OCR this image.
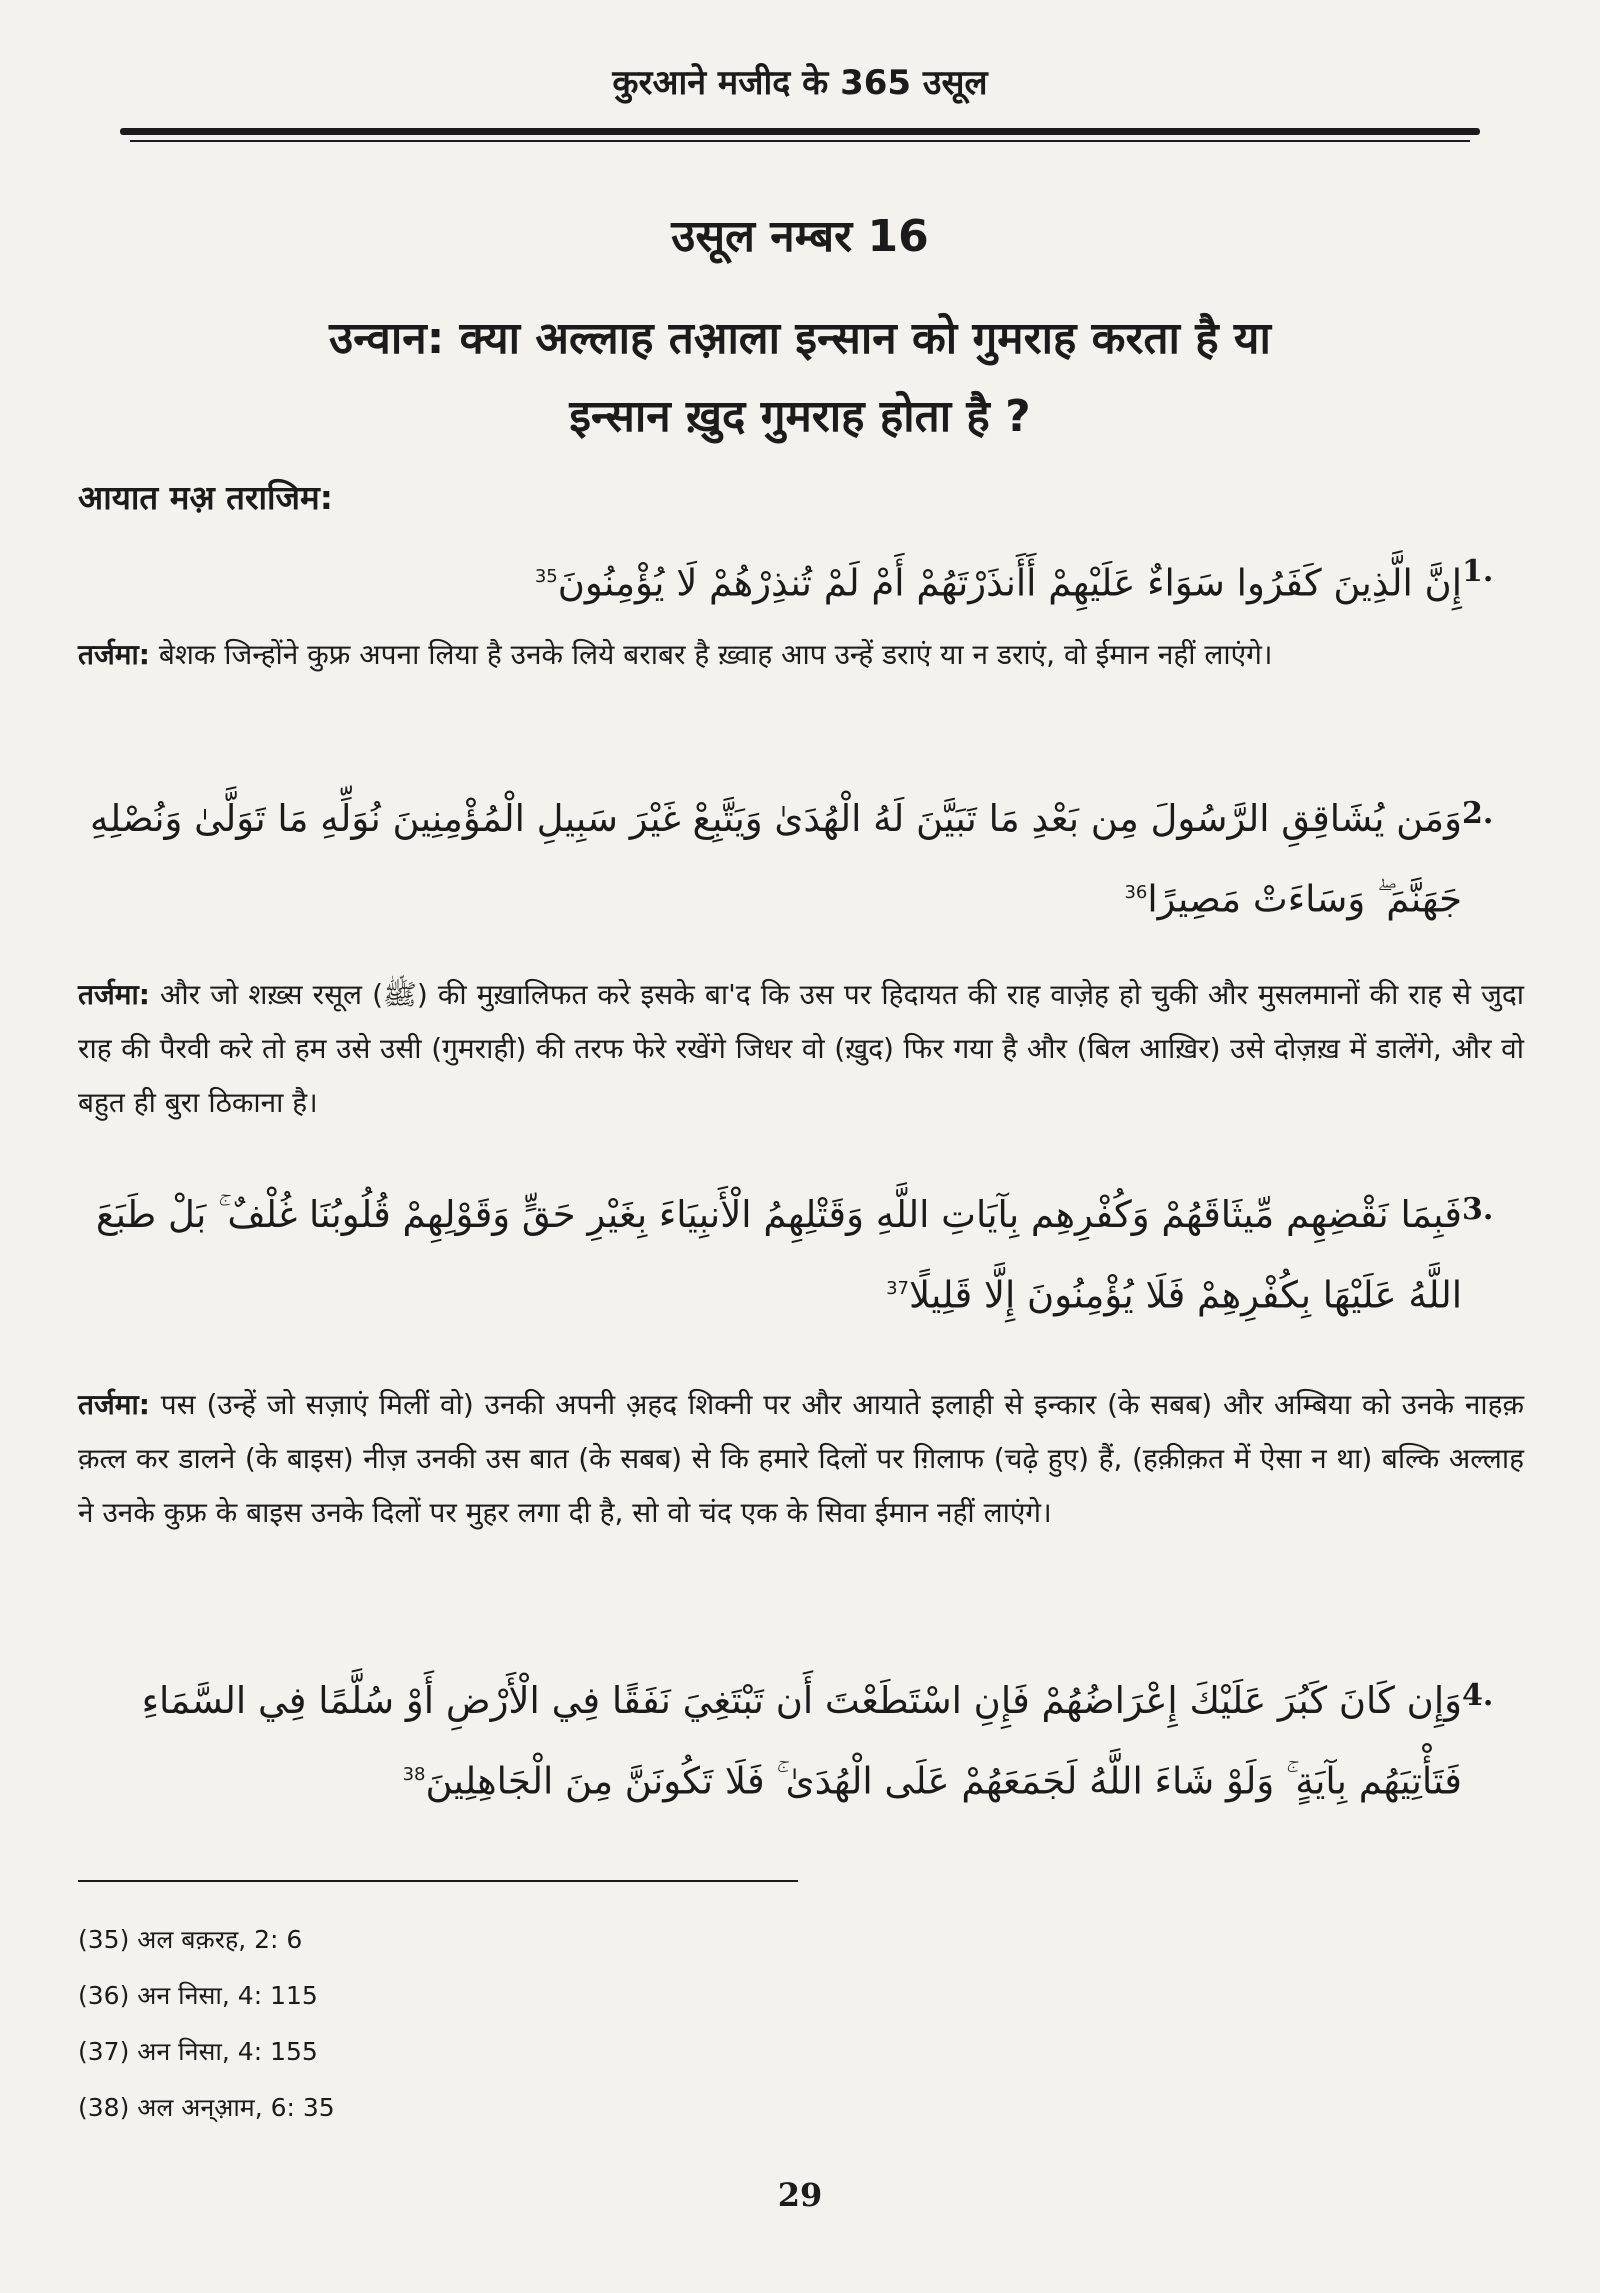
कुरआने मजीद के 365 उसूल
उसूल नम्बर 16
उन्वान: क्या अल्लाह तआ़ला इन्सान को गुमराह करता है या
इन्सान ख़ुद गुमराह होता है ?
आयात मअ़ तराजिम:
1.
إِنَّ الَّذِينَ كَفَرُوا سَوَاءٌ عَلَيْهِمْ أَأَنذَرْتَهُمْ أَمْ لَمْ تُنذِرْهُمْ لَا يُؤْمِنُونَ$^{35}$
तर्जमा: बेशक जिन्होंने कुफ्र अपना लिया है उनके लिये बराबर है ख़्वाह आप उन्हें डराएं या न डराएं, वो ईमान नहीं लाएंगे।
2.
وَمَن يُشَاقِقِ الرَّسُولَ مِن بَعْدِ مَا تَبَيَّنَ لَهُ الْهُدَىٰ وَيَتَّبِعْ غَيْرَ سَبِيلِ الْمُؤْمِنِينَ نُوَلِّهِ مَا تَوَلَّىٰ وَنُصْلِهِ جَهَنَّمَ ۖ وَسَاءَتْ مَصِيرًا$^{36}$
तर्जमा: और जो शख़्स रसूल (ﷺ) की मुख़ालिफत करे इसके बा'द कि उस पर हिदायत की राह वाज़ेह हो चुकी और मुसलमानों की राह से जुदा राह की पैरवी करे तो हम उसे उसी (गुमराही) की तरफ फेरे रखेंगे जिधर वो (ख़ुद) फिर गया है और (बिल आख़िर) उसे दोज़ख़ में डालेंगे, और वो बहुत ही बुरा ठिकाना है।
3.
فَبِمَا نَقْضِهِم مِّيثَاقَهُمْ وَكُفْرِهِم بِآيَاتِ اللَّهِ وَقَتْلِهِمُ الْأَنبِيَاءَ بِغَيْرِ حَقٍّ وَقَوْلِهِمْ قُلُوبُنَا غُلْفٌ ۚ بَلْ طَبَعَ اللَّهُ عَلَيْهَا بِكُفْرِهِمْ فَلَا يُؤْمِنُونَ إِلَّا قَلِيلًا$^{37}$
तर्जमा: पस (उन्हें जो सज़ाएं मिलीं वो) उनकी अपनी अ़हद शिक्नी पर और आयाते इलाही से इन्कार (के सबब) और अम्बिया को उनके नाहक़ क़त्ल कर डालने (के बाइस) नीज़ उनकी उस बात (के सबब) से कि हमारे दिलों पर ग़िलाफ (चढ़े हुए) हैं, (हक़ीक़त में ऐसा न था) बल्कि अल्लाह ने उनके कुफ्र के बाइस उनके दिलों पर मुहर लगा दी है, सो वो चंद एक के सिवा ईमान नहीं लाएंगे।
4.
وَإِن كَانَ كَبُرَ عَلَيْكَ إِعْرَاضُهُمْ فَإِنِ اسْتَطَعْتَ أَن تَبْتَغِيَ نَفَقًا فِي الْأَرْضِ أَوْ سُلَّمًا فِي السَّمَاءِ فَتَأْتِيَهُم بِآيَةٍ ۚ وَلَوْ شَاءَ اللَّهُ لَجَمَعَهُمْ عَلَى الْهُدَىٰ ۚ فَلَا تَكُونَنَّ مِنَ الْجَاهِلِينَ$^{38}$
(35) अल बक़रह, 2: 6
(36) अन निसा, 4: 115
(37) अन निसा, 4: 155
(38) अल अन्आ़म, 6: 35
29
